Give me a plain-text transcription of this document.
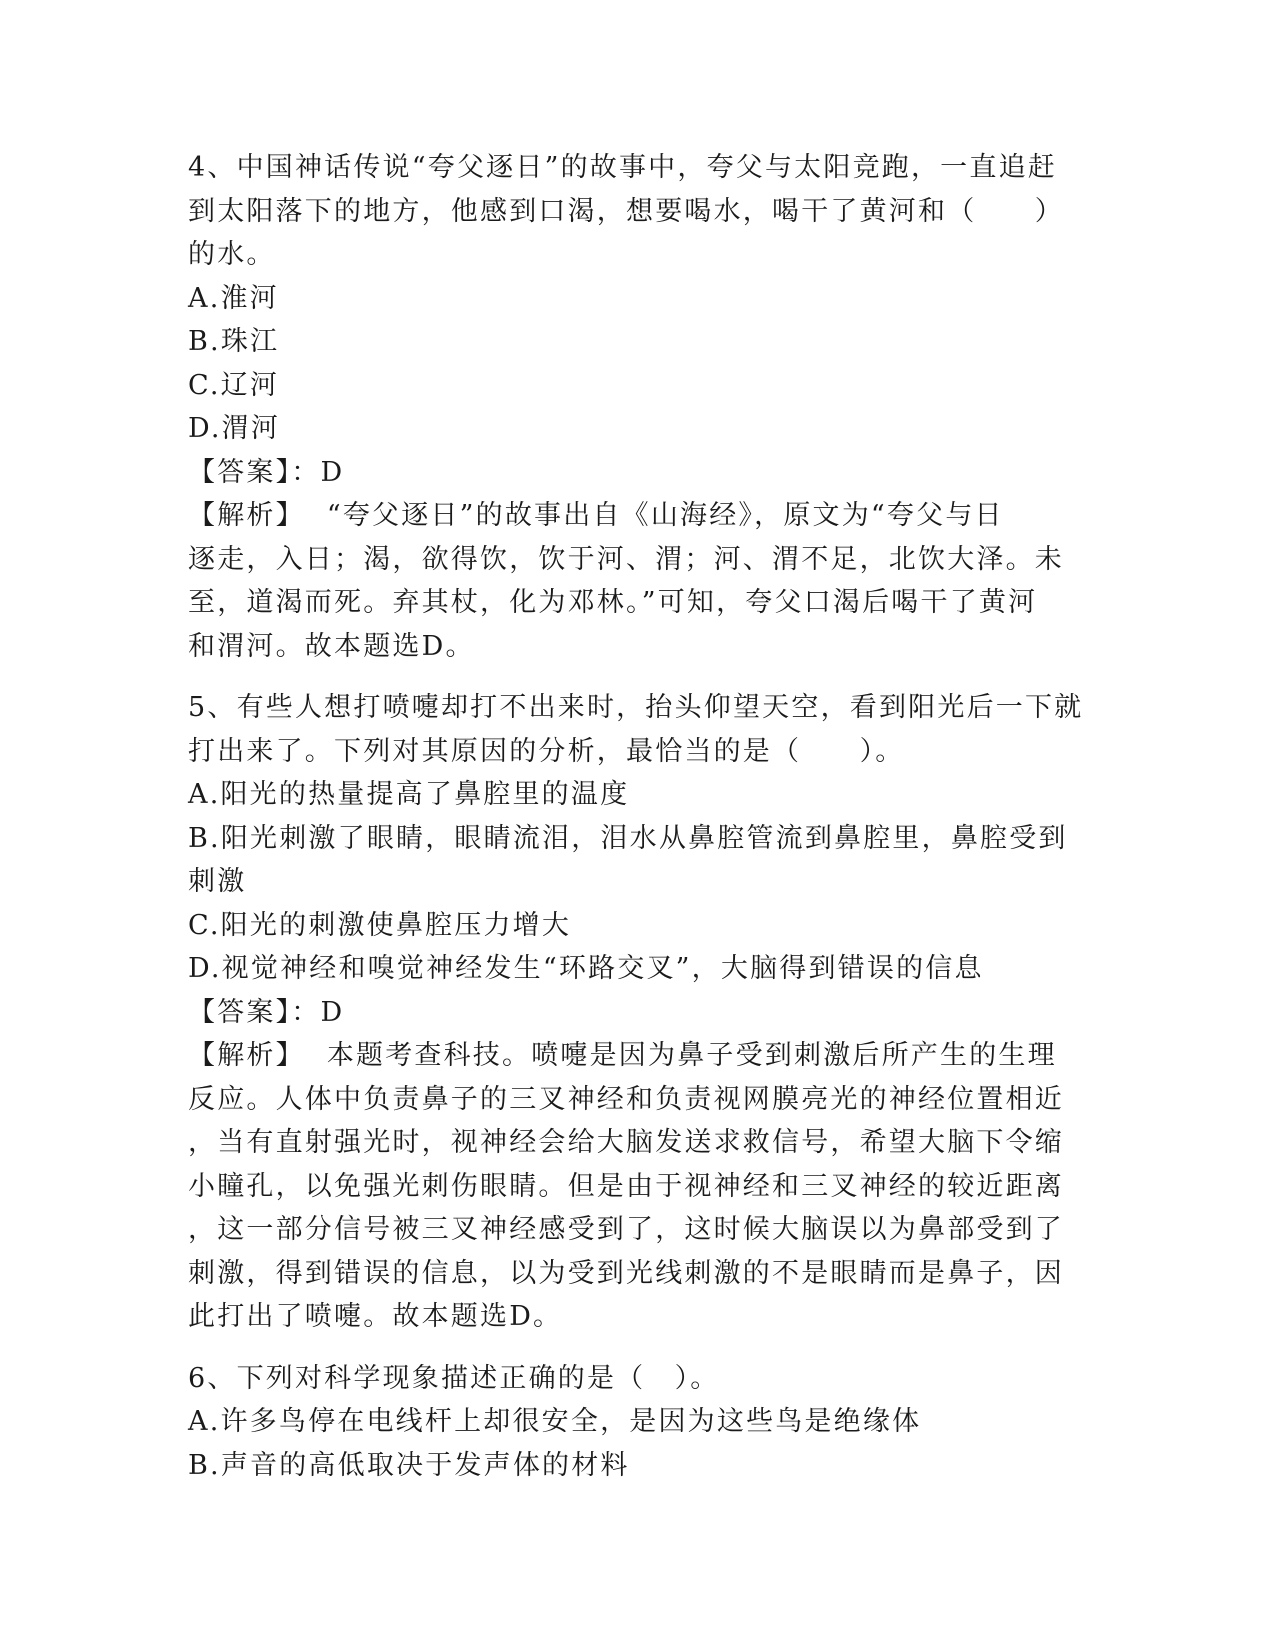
4、中国神话传说“夸父逐日”的故事中，夸父与太阳竞跑，一直追赶
到太阳落下的地方，他感到口渴，想要喝水，喝干了黄河和（　　）
的水。
A.淮河
B.珠江
C.辽河
D.渭河
【答案】：D
【解析】 “夸父逐日”的故事出自《山海经》，原文为“夸父与日
逐走，入日；渴，欲得饮，饮于河、渭；河、渭不足，北饮大泽。未
至，道渴而死。弃其杖，化为邓林。”可知，夸父口渴后喝干了黄河
和渭河。故本题选D。
5、有些人想打喷嚏却打不出来时，抬头仰望天空，看到阳光后一下就
打出来了。下列对其原因的分析，最恰当的是（　　）。
A.阳光的热量提高了鼻腔里的温度
B.阳光刺激了眼睛，眼睛流泪，泪水从鼻腔管流到鼻腔里，鼻腔受到
刺激
C.阳光的刺激使鼻腔压力增大
D.视觉神经和嗅觉神经发生“环路交叉”，大脑得到错误的信息
【答案】：D
【解析】 本题考查科技。喷嚏是因为鼻子受到刺激后所产生的生理
反应。人体中负责鼻子的三叉神经和负责视网膜亮光的神经位置相近
，当有直射强光时，视神经会给大脑发送求救信号，希望大脑下令缩
小瞳孔，以免强光刺伤眼睛。但是由于视神经和三叉神经的较近距离
，这一部分信号被三叉神经感受到了，这时候大脑误以为鼻部受到了
刺激，得到错误的信息，以为受到光线刺激的不是眼睛而是鼻子，因
此打出了喷嚏。故本题选D。
6、下列对科学现象描述正确的是（　）。
A.许多鸟停在电线杆上却很安全，是因为这些鸟是绝缘体
B.声音的高低取决于发声体的材料
